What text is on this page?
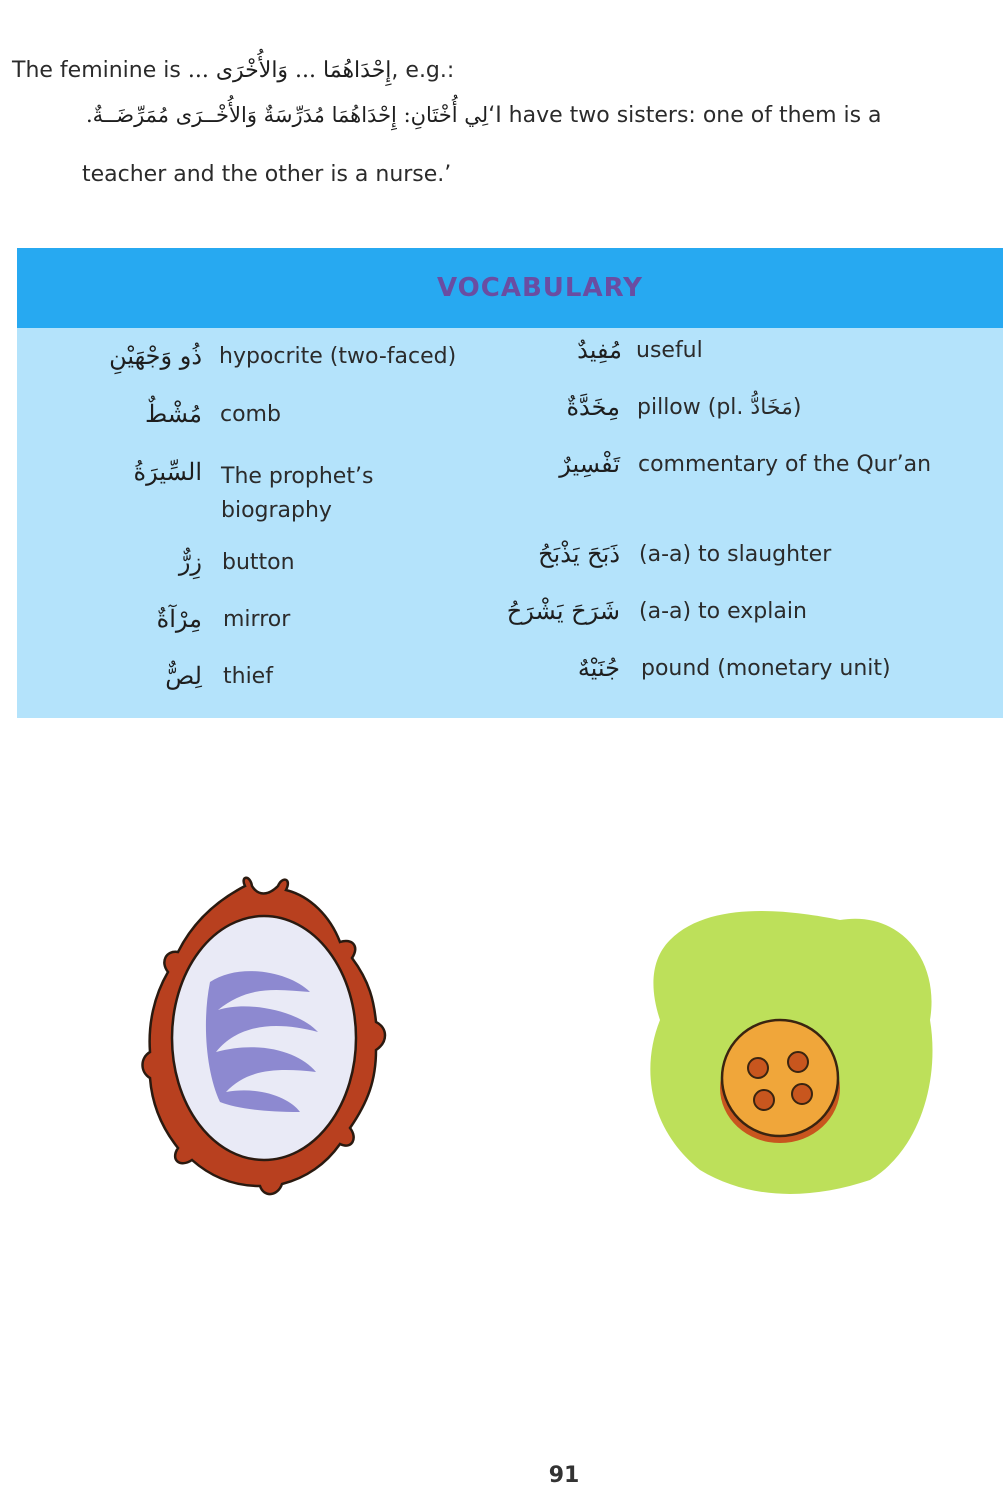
The feminine is إِحْدَاهُمَا ... وَالأُخْرَى ..., e.g.:
لِي أُخْتَانِ: إِحْدَاهُمَا مُدَرِّسَةٌ وَالأُخْــرَى مُمَرِّضَــةٌ.‘I have two sisters: one of them is a
teacher and the other is a nurse.’
VOCABULARY
ذُو وَجْهَيْنِ hypocrite (two-faced)
مُشْطٌ comb
السِّيرَةُ The prophet’s biography
زِرٌّ button
مِرْآةٌ mirror
لِصٌّ thief
مُفِيدٌ useful
مِخَدَّةٌ pillow (pl. مَخَادُّ)
تَفْسِيرٌ commentary of the Qur’an
ذَبَحَ يَذْبَحُ (a-a) to slaughter
شَرَحَ يَشْرَحُ (a-a) to explain
جُنَيْهٌ pound (monetary unit)
91
